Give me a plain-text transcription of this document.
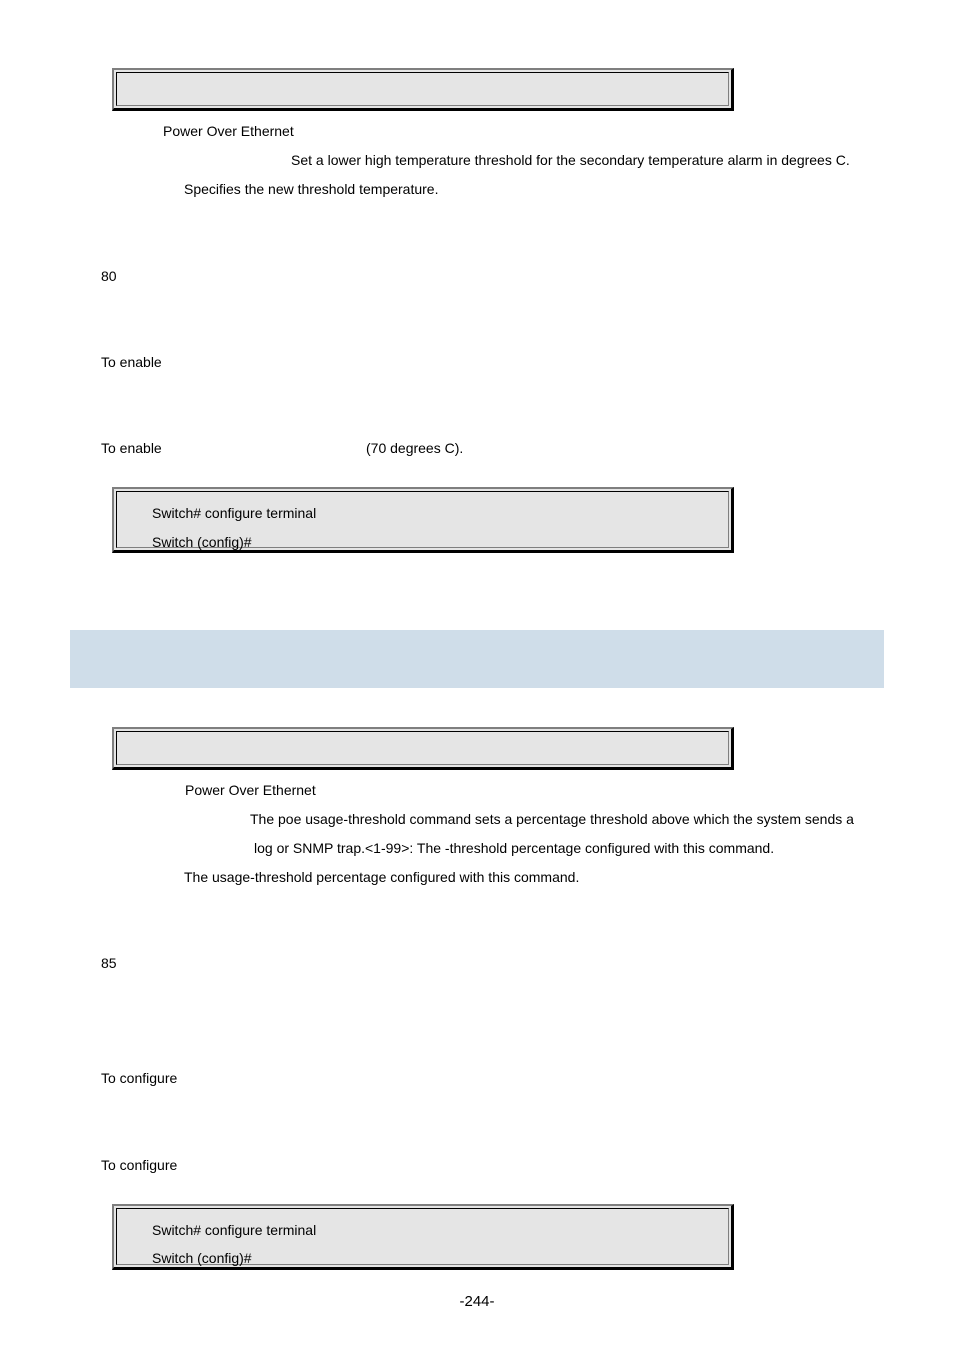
Power Over Ethernet
Set a lower high temperature threshold for the secondary temperature alarm in degrees C.
Specifies the new threshold temperature.
80
To enable
To enable	(70 degrees C).
Switch# configure terminal
Switch (config)#
Power Over Ethernet
The poe usage-threshold command sets a percentage threshold above which the system sends a
log or SNMP trap.<1-99>: The -threshold percentage configured with this command.
The usage-threshold percentage configured with this command.
85
To configure
To configure
Switch# configure terminal
Switch (config)#
-244-
